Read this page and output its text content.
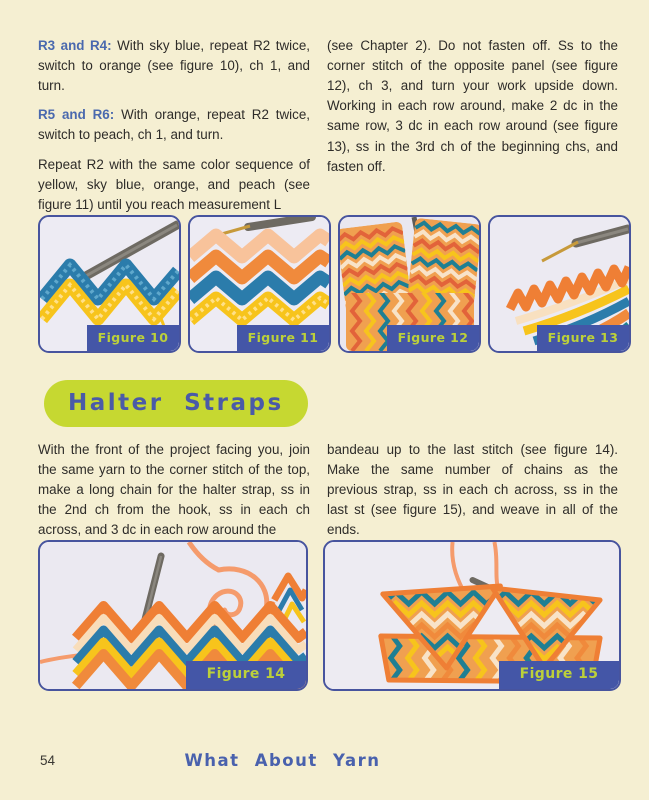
R3 and R4: With sky blue, repeat R2 twice, switch to orange (see figure 10), ch 1, and turn.

R5 and R6: With orange, repeat R2 twice, switch to peach, ch 1, and turn.

Repeat R2 with the same color sequence of yellow, sky blue, orange, and peach (see figure 11) until you reach measurement L

(see Chapter 2). Do not fasten off. Ss to the corner stitch of the opposite panel (see figure 12), ch 3, and turn your work upside down. Working in each row around, make 2 dc in the same row, 3 dc in each row around (see figure 13), ss in the 3rd ch of the beginning chs, and fasten off.

Figure 10	Figure 11	Figure 12	Figure 13
Halter Straps

With the front of the project facing you, join the same yarn to the corner stitch of the top, make a long chain for the halter strap, ss in the 2nd ch from the hook, ss in each ch across, and 3 dc in each row around the

bandeau up to the last stitch (see figure 14). Make the same number of chains as the previous strap, ss in each ch across, ss in the last st (see figure 15), and weave in all of the ends.

Figure 14	Figure 15
54	What About Yarn
